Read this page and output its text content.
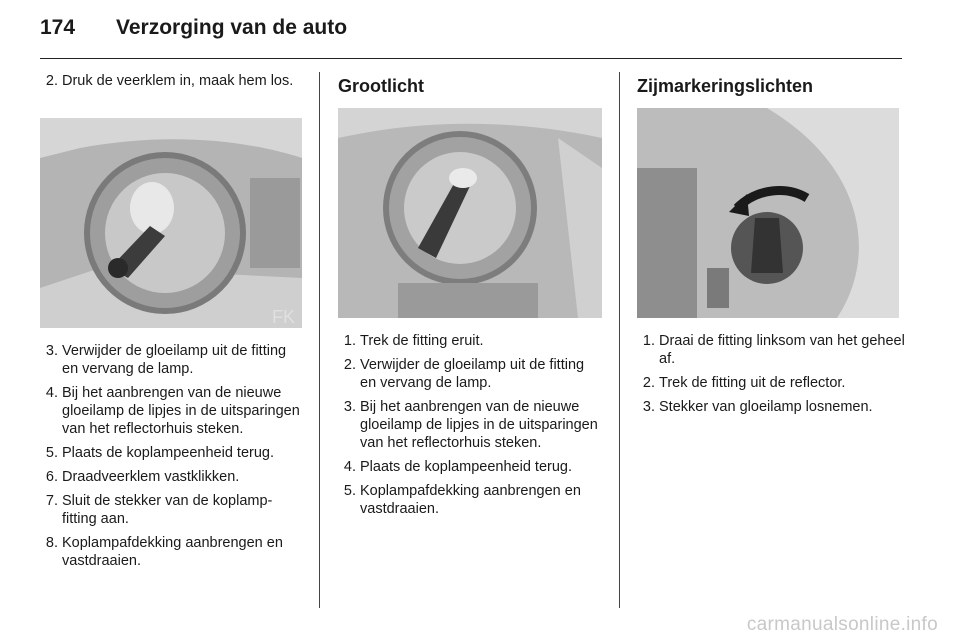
174	Verzorging van de auto
2. Druk de veerklem in, maak hem los.
FK
3. Verwijder de gloeilamp uit de fitting en vervang de lamp.
4. Bij het aanbrengen van de nieuwe gloeilamp de lipjes in de uitsparingen van het reflectorhuis steken.
5. Plaats de koplampeenheid terug.
6. Draadveerklem vastklikken.
7. Sluit de stekker van de koplampfitting aan.
8. Koplampafdekking aanbrengen en vastdraaien.
Grootlicht
1. Trek de fitting eruit.
2. Verwijder de gloeilamp uit de fitting en vervang de lamp.
3. Bij het aanbrengen van de nieuwe gloeilamp de lipjes in de uitsparingen van het reflectorhuis steken.
4. Plaats de koplampeenheid terug.
5. Koplampafdekking aanbrengen en vastdraaien.
Zijmarkeringslichten
1. Draai de fitting linksom van het geheel af.
2. Trek de fitting uit de reflector.
3. Stekker van gloeilamp losnemen.
carmanualsonline.info
